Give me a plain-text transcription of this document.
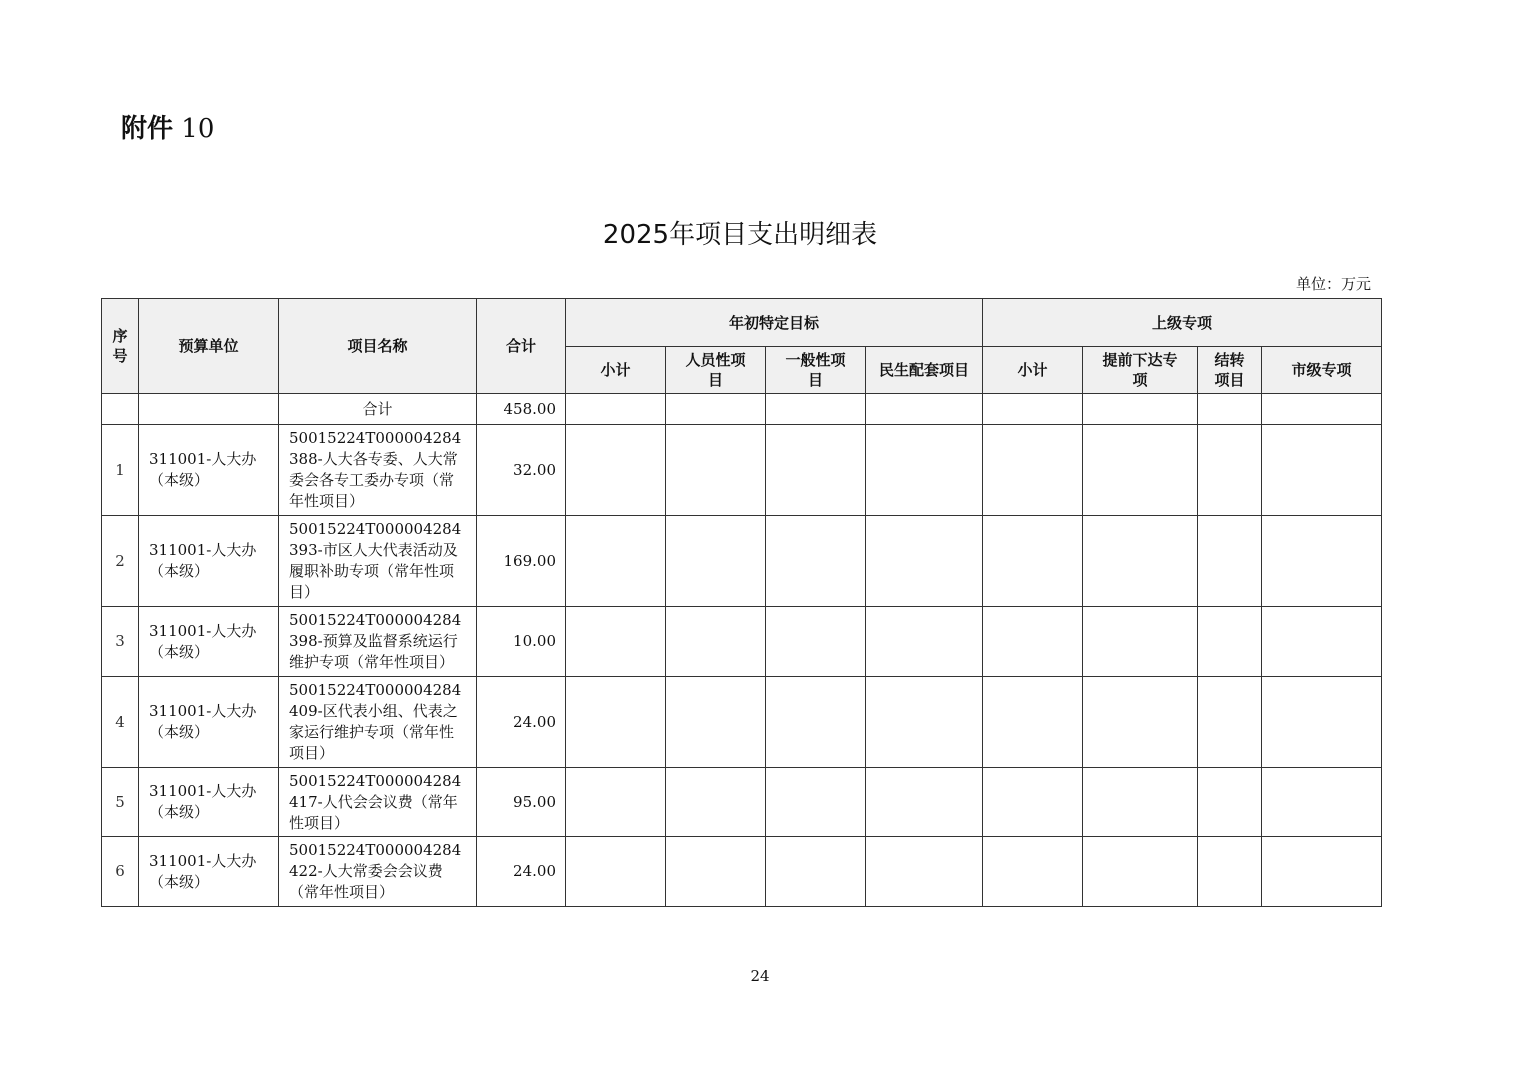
附件 10
2025年项目支出明细表
单位：万元
序号	预算单位	项目名称	合计	年初特定目标				上级专项			
				小计	人员性项目	一般性项目	民生配套项目	小计	提前下达专项	结转项目	市级专项
		合计	458.00								
1	311001-人大办（本级）	50015224T000004284388-人大各专委、人大常委会各专工委办专项（常年性项目）	32.00								
2	311001-人大办（本级）	50015224T000004284393-市区人大代表活动及履职补助专项（常年性项目）	169.00								
3	311001-人大办（本级）	50015224T000004284398-预算及监督系统运行维护专项（常年性项目）	10.00								
4	311001-人大办（本级）	50015224T000004284409-区代表小组、代表之家运行维护专项（常年性项目）	24.00								
5	311001-人大办（本级）	50015224T000004284417-人代会会议费（常年性项目）	95.00								
6	311001-人大办（本级）	50015224T000004284422-人大常委会会议费（常年性项目）	24.00								
24
